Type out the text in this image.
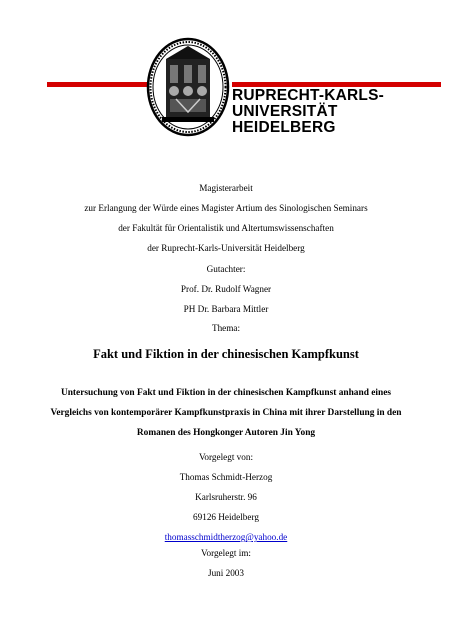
RUPRECHT-KARLS-
UNIVERSITÄT
HEIDELBERG
Magisterarbeit
zur Erlangung der Würde eines Magister Artium des Sinologischen Seminars
der Fakultät für Orientalistik und Altertumswissenschaften
der Ruprecht-Karls-Universität Heidelberg
Gutachter:
Prof. Dr. Rudolf Wagner
PH Dr. Barbara Mittler
Thema:
Fakt und Fiktion in der chinesischen Kampfkunst
Untersuchung von Fakt und Fiktion in der chinesischen Kampfkunst anhand eines
Vergleichs von kontemporärer Kampfkunstpraxis in China mit ihrer Darstellung in den
Romanen des Hongkonger Autoren Jin Yong
Vorgelegt von:
Thomas Schmidt-Herzog
Karlsruherstr. 96
69126 Heidelberg
thomasschmidtherzog@yahoo.de
Vorgelegt im:
Juni 2003
